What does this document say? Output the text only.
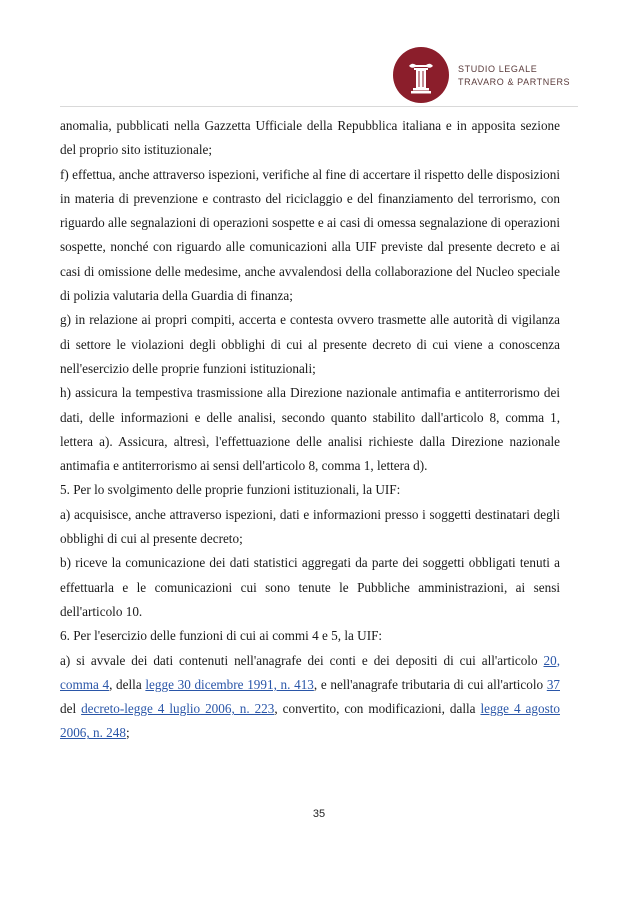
STUDIO LEGALE
TRAVARO & PARTNERS

anomalia, pubblicati nella Gazzetta Ufficiale della Repubblica italiana e in apposita sezione del proprio sito istituzionale;

f) effettua, anche attraverso ispezioni, verifiche al fine di accertare il rispetto delle disposizioni in materia di prevenzione e contrasto del riciclaggio e del finanziamento del terrorismo, con riguardo alle segnalazioni di operazioni sospette e ai casi di omessa segnalazione di operazioni sospette, nonché con riguardo alle comunicazioni alla UIF previste dal presente decreto e ai casi di omissione delle medesime, anche avvalendosi della collaborazione del Nucleo speciale di polizia valutaria della Guardia di finanza;

g) in relazione ai propri compiti, accerta e contesta ovvero trasmette alle autorità di vigilanza di settore le violazioni degli obblighi di cui al presente decreto di cui viene a conoscenza nell'esercizio delle proprie funzioni istituzionali;

h) assicura la tempestiva trasmissione alla Direzione nazionale antimafia e antiterrorismo dei dati, delle informazioni e delle analisi, secondo quanto stabilito dall'articolo 8, comma 1, lettera a). Assicura, altresì, l'effettuazione delle analisi richieste dalla Direzione nazionale antimafia e antiterrorismo ai sensi dell'articolo 8, comma 1, lettera d).

5. Per lo svolgimento delle proprie funzioni istituzionali, la UIF:

a) acquisisce, anche attraverso ispezioni, dati e informazioni presso i soggetti destinatari degli obblighi di cui al presente decreto;

b) riceve la comunicazione dei dati statistici aggregati da parte dei soggetti obbligati tenuti a effettuarla e le comunicazioni cui sono tenute le Pubbliche amministrazioni, ai sensi dell'articolo 10.

6. Per l'esercizio delle funzioni di cui ai commi 4 e 5, la UIF:

a) si avvale dei dati contenuti nell'anagrafe dei conti e dei depositi di cui all'articolo 20, comma 4, della legge 30 dicembre 1991, n. 413, e nell'anagrafe tributaria di cui all'articolo 37 del decreto-legge 4 luglio 2006, n. 223, convertito, con modificazioni, dalla legge 4 agosto 2006, n. 248;

35
